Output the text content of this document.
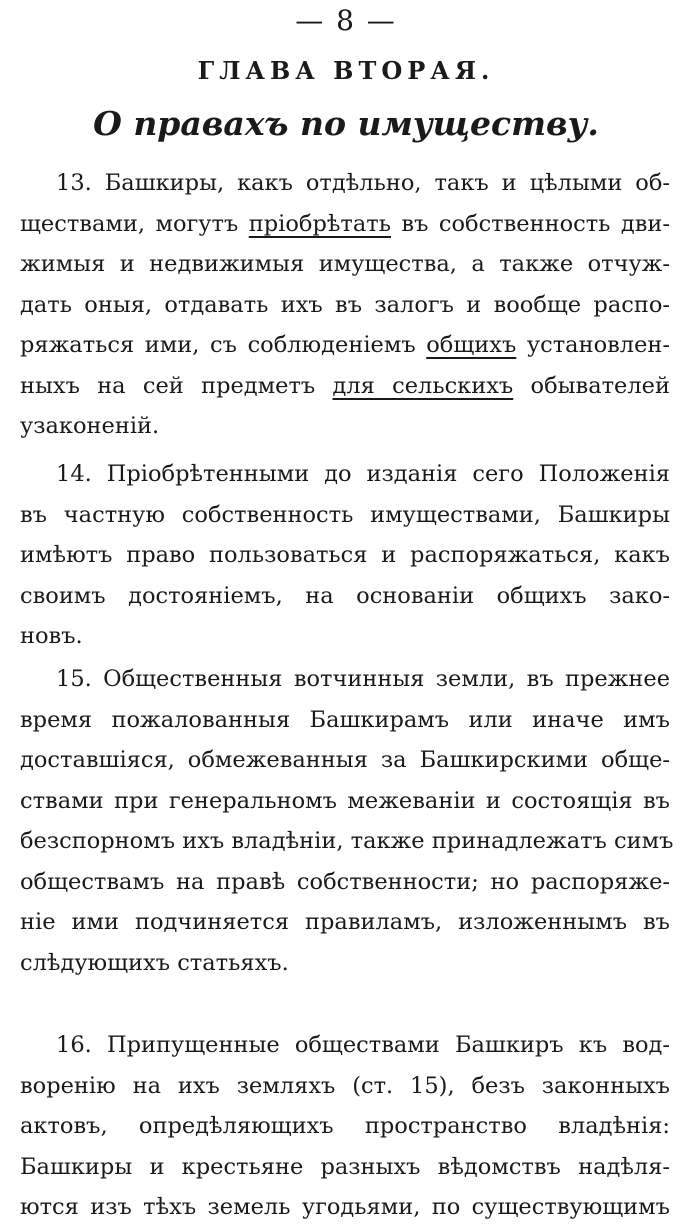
— 8 —
ГЛАВА ВТОРАЯ.
О правахъ по имуществу.
13. Башкиры, какъ отдѣльно, такъ и цѣлыми об-
ществами, могутъ пріобрѣтать въ собственность дви-
жимыя и недвижимыя имущества, а также отчуж-
дать оныя, отдавать ихъ въ залогъ и вообще распо-
ряжаться ими, съ соблюденіемъ общихъ установлен-
ныхъ на сей предметъ для сельскихъ обывателей
узаконеній.
14. Пріобрѣтенными до изданія сего Положенія
въ частную собственность имуществами, Башкиры
имѣютъ право пользоваться и распоряжаться, какъ
своимъ достояніемъ, на основаніи общихъ зако-
новъ.
15. Общественныя вотчинныя земли, въ прежнее
время пожалованныя Башкирамъ или иначе имъ
доставшіяся, обмежеванныя за Башкирскими обще-
ствами при генеральномъ межеваніи и состоящія въ
безспорномъ ихъ владѣніи, также принадлежатъ симъ
обществамъ на правѣ собственности; но распоряже-
ніе ими подчиняется правиламъ, изложеннымъ въ
слѣдующихъ статьяхъ.
16. Припущенные обществами Башкиръ къ вод-
воренію на ихъ земляхъ (ст. 15), безъ законныхъ
актовъ, опредѣляющихъ пространство владѣнія:
Башкиры и крестьяне разныхъ вѣдомствъ надѣля-
ются изъ тѣхъ земель угодьями, по существующимъ
